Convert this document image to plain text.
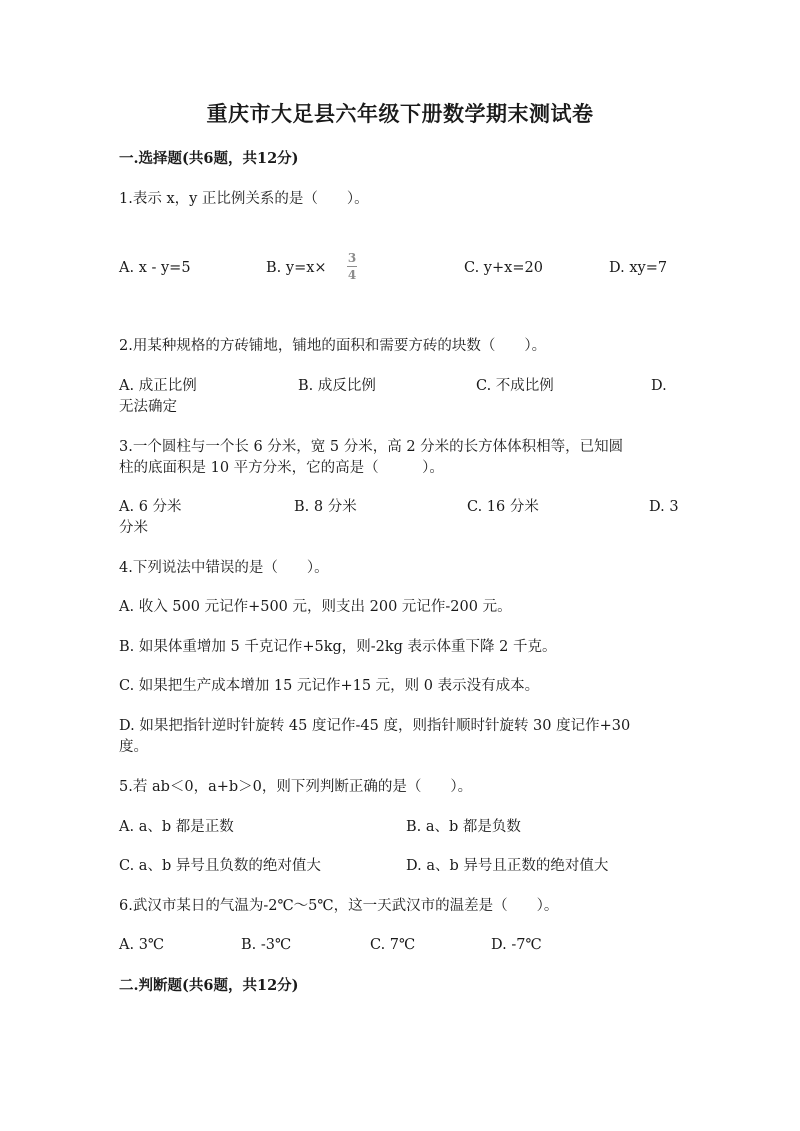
重庆市大足县六年级下册数学期末测试卷
一.选择题(共6题，共12分)
1.表示 x，y 正比例关系的是（　　）。
A. x - y=5	B. y=x×
3
4	C. y+x=20	D. xy=7
2.用某种规格的方砖铺地，铺地的面积和需要方砖的块数（　　）。
A. 成正比例	B. 成反比例	C. 不成比例	D.
无法确定
3.一个圆柱与一个长 6 分米，宽 5 分米，高 2 分米的长方体体积相等，已知圆
柱的底面积是 10 平方分米，它的高是（　　　）。
A. 6 分米	B. 8 分米	C. 16 分米	D. 3
分米
4.下列说法中错误的是（　　）。
A. 收入 500 元记作+500 元，则支出 200 元记作-200 元。
B. 如果体重增加 5 千克记作+5kg，则-2kg 表示体重下降 2 千克。
C. 如果把生产成本增加 15 元记作+15 元，则 0 表示没有成本。
D. 如果把指针逆时针旋转 45 度记作-45 度，则指针顺时针旋转 30 度记作+30
度。
5.若 ab＜0，a+b＞0，则下列判断正确的是（　　）。
A. a、b 都是正数	B. a、b 都是负数
C. a、b 异号且负数的绝对值大	D. a、b 异号且正数的绝对值大
6.武汉市某日的气温为-2℃～5℃，这一天武汉市的温差是（　　）。
A. 3℃	B. -3℃	C. 7℃	D. -7℃
二.判断题(共6题，共12分)
